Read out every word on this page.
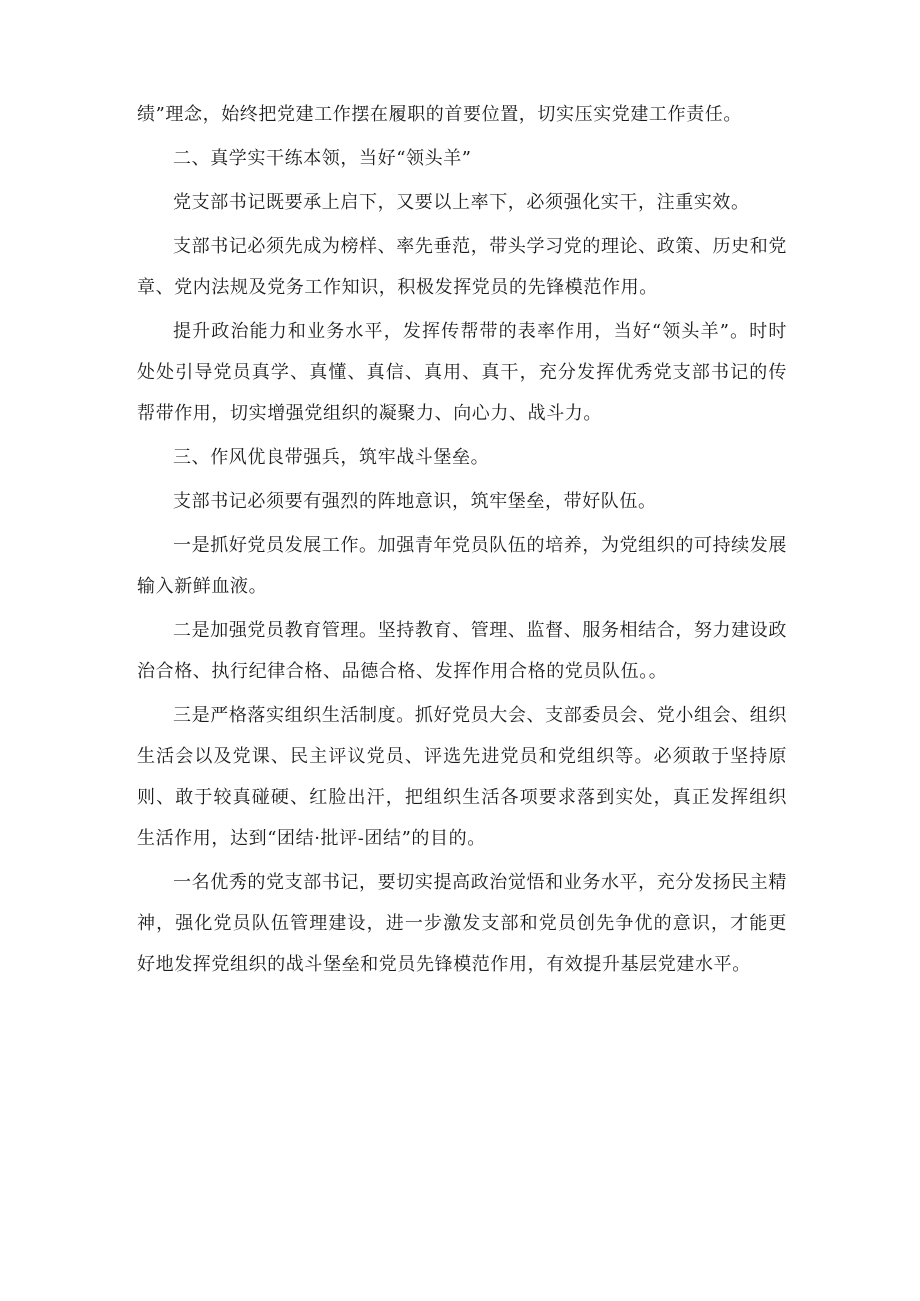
绩”理念，始终把党建工作摆在履职的首要位置，切实压实党建工作责任。

二、真学实干练本领，当好“领头羊”

党支部书记既要承上启下，又要以上率下，必须强化实干，注重实效。

支部书记必须先成为榜样、率先垂范，带头学习党的理论、政策、历史和党章、党内法规及党务工作知识，积极发挥党员的先锋模范作用。

提升政治能力和业务水平，发挥传帮带的表率作用，当好“领头羊”。时时处处引导党员真学、真懂、真信、真用、真干，充分发挥优秀党支部书记的传帮带作用，切实增强党组织的凝聚力、向心力、战斗力。

三、作风优良带强兵，筑牢战斗堡垒。

支部书记必须要有强烈的阵地意识，筑牢堡垒，带好队伍。

一是抓好党员发展工作。加强青年党员队伍的培养，为党组织的可持续发展输入新鲜血液。

二是加强党员教育管理。坚持教育、管理、监督、服务相结合，努力建设政治合格、执行纪律合格、品德合格、发挥作用合格的党员队伍。。

三是严格落实组织生活制度。抓好党员大会、支部委员会、党小组会、组织生活会以及党课、民主评议党员、评选先进党员和党组织等。必须敢于坚持原则、敢于较真碰硬、红脸出汗，把组织生活各项要求落到实处，真正发挥组织生活作用，达到“团结·批评-团结”的目的。

一名优秀的党支部书记，要切实提高政治觉悟和业务水平，充分发扬民主精神，强化党员队伍管理建设，进一步激发支部和党员创先争优的意识，才能更好地发挥党组织的战斗堡垒和党员先锋模范作用，有效提升基层党建水平。
